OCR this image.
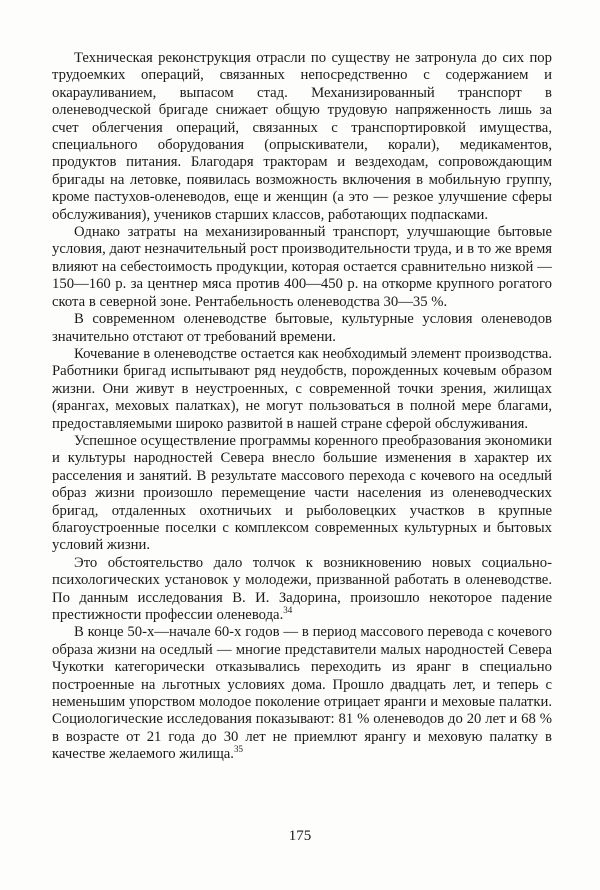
Техническая реконструкция отрасли по существу не затронула до сих пор трудоемких операций, связанных непосредственно с содержанием и окарауливанием, выпасом стад. Механизированный транспорт в оленеводческой бригаде снижает общую трудовую напряженность лишь за счет облегчения операций, связанных с транспортировкой имущества, специального оборудования (опрыскиватели, корали), медикаментов, продуктов питания. Благодаря тракторам и вездеходам, сопровождающим бригады на летовке, появилась возможность включения в мобильную группу, кроме пастухов-оленеводов, еще и женщин (а это — резкое улучшение сферы обслуживания), учеников старших классов, работающих подпасками.

Однако затраты на механизированный транспорт, улучшающие бытовые условия, дают незначительный рост производительности труда, и в то же время влияют на себестоимость продукции, которая остается сравнительно низкой — 150—160 р. за центнер мяса против 400—450 р. на откорме крупного рогатого скота в северной зоне. Рентабельность оленеводства 30—35 %.

В современном оленеводстве бытовые, культурные условия оленеводов значительно отстают от требований времени.

Кочевание в оленеводстве остается как необходимый элемент производства. Работники бригад испытывают ряд неудобств, порожденных кочевым образом жизни. Они живут в неустроенных, с современной точки зрения, жилищах (ярангах, меховых палатках), не могут пользоваться в полной мере благами, предоставляемыми широко развитой в нашей стране сферой обслуживания.

Успешное осуществление программы коренного преобразования экономики и культуры народностей Севера внесло большие изменения в характер их расселения и занятий. В результате массового перехода с кочевого на оседлый образ жизни произошло перемещение части населения из оленеводческих бригад, отдаленных охотничьих и рыболовецких участков в крупные благоустроенные поселки с комплексом современных культурных и бытовых условий жизни.

Это обстоятельство дало толчок к возникновению новых социально-психологических установок у молодежи, призванной работать в оленеводстве. По данным исследования В. И. Задорина, произошло некоторое падение престижности профессии оленевода.$^{34}$

В конце 50-х—начале 60-х годов — в период массового перевода с кочевого образа жизни на оседлый — многие представители малых народностей Севера Чукотки категорически отказывались переходить из яранг в специально построенные на льготных условиях дома. Прошло двадцать лет, и теперь с неменьшим упорством молодое поколение отрицает яранги и меховые палатки. Социологические исследования показывают: 81 % оленеводов до 20 лет и 68 % в возрасте от 21 года до 30 лет не приемлют ярангу и меховую палатку в качестве желаемого жилища.$^{35}$

175
